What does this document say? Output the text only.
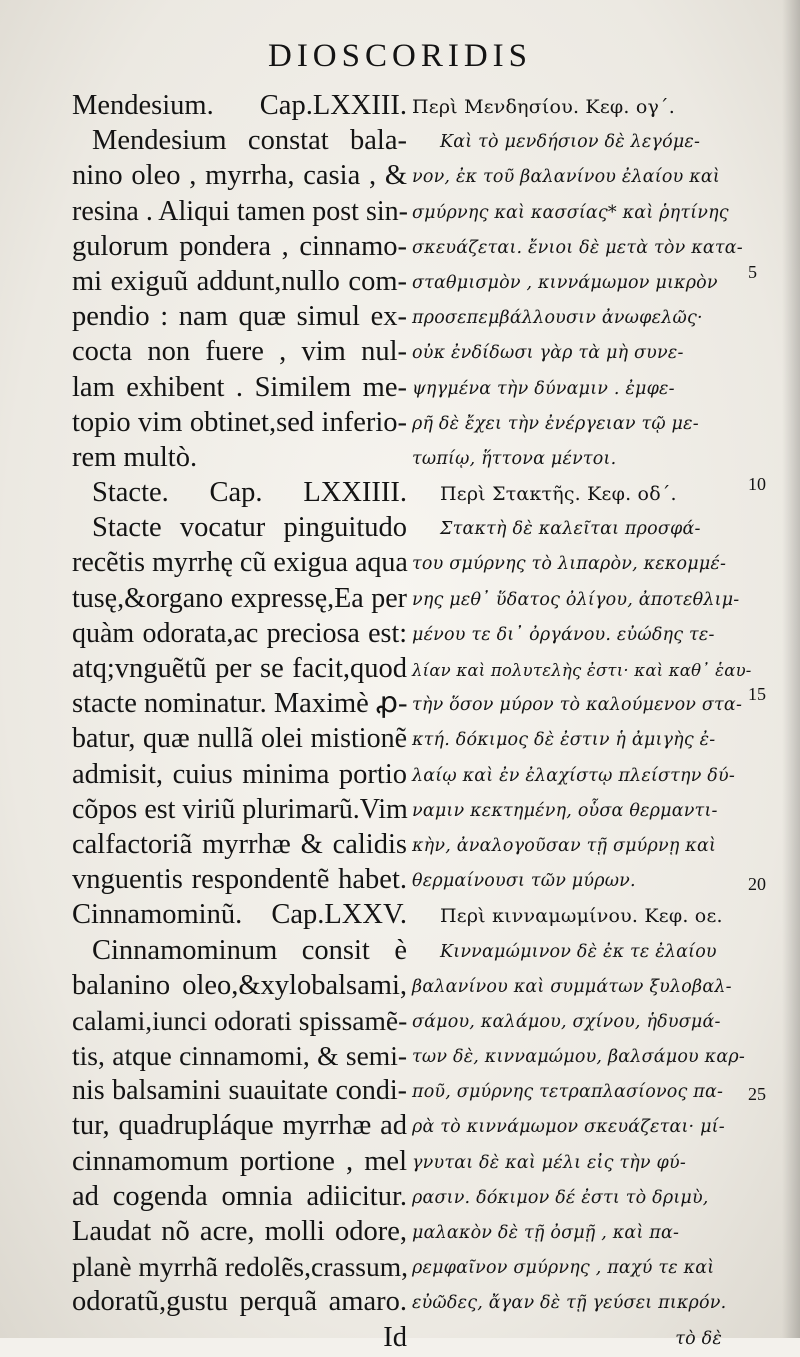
DIOSCORIDIS
Mendesium. Cap.LXXIII.
Mendesium constat bala-
nino oleo , myrrha, casia , &
resina . Aliqui tamen post sin-
gulorum pondera , cinnamo-
mi exiguũ addunt,nullo com-
pendio : nam quæ simul ex-
cocta non fuere , vim nul-
lam exhibent . Similem me-
topio vim obtinet,sed inferio-
rem multò.
Stacte. Cap. LXXIIII.
Stacte vocatur pinguitudo
recẽtis myrrhę cũ exigua aqua
tusę,&organo expressę,Ea per
quàm odorata,ac preciosa est:
atq;vnguẽtũ per se facit,quod
stacte nominatur. Maximè ꝓ-
batur, quæ nullã olei mistionẽ
admisit, cuius minima portio
cõpos est viriũ plurimarũ.Vim
calfactoriã myrrhæ & calidis
vnguentis respondentẽ habet.
Cinnamominũ. Cap.LXXV.
Cinnamominum consit è
balanino oleo,&xylobalsami,
calami,iunci odorati spissamẽ-
tis, atque cinnamomi, & semi-
nis balsamini suauitate condi-
tur, quadrupláque myrrhæ ad
cinnamomum portione , mel
ad cogenda omnia adiicitur.
Laudat nõ acre, molli odore,
planè myrrhã redolẽs,crassum,
odoratũ,gustu perquã amaro.
Id
Περὶ Μενδησίου. Κεφ. ογ΄.
Καὶ τὸ μενδήσιον δὲ λεγόμε-
νον, ἐκ τοῦ βαλανίνου ἐλαίου καὶ
σμύρνης καὶ κασσίας* καὶ ῥητίνης
σκευάζεται. ἔνιοι δὲ μετὰ τὸν κατα-
σταθμισμὸν , κιννάμωμον μικρὸν
προσεπεμβάλλουσιν ἀνωφελῶς·
οὐκ ἐνδίδωσι γὰρ τὰ μὴ συνε-
ψηγμένα τὴν δύναμιν . ἐμφε-
ρῆ δὲ ἔχει τὴν ἐνέργειαν τῷ με-
τωπίῳ, ἥττονα μέντοι.
Περὶ Στακτῆς. Κεφ. οδ΄.
Στακτὴ δὲ καλεῖται προσφά-
του σμύρνης τὸ λιπαρὸν, κεκομμέ-
νης μεθ᾽ ὕδατος ὀλίγου, ἀποτεθλιμ-
μένου τε δι᾽ ὀργάνου. εὐώδης τε-
λίαν καὶ πολυτελὴς ἐστι· καὶ καθ᾽ ἑαυ-
τὴν ὅσον μύρον τὸ καλούμενον στα-
κτή. δόκιμος δὲ ἐστιν ἡ ἀμιγὴς ἐ-
λαίῳ καὶ ἐν ἐλαχίστῳ πλείστην δύ-
ναμιν κεκτημένη, οὗσα θερμαντι-
κὴν, ἀναλογοῦσαν τῇ σμύρνῃ καὶ
θερμαίνουσι τῶν μύρων.
Περὶ κινναμωμίνου. Κεφ. οε.
Κινναμώμινον δὲ ἐκ τε ἐλαίου
βαλανίνου καὶ συμμάτων ξυλοβαλ-
σάμου, καλάμου, σχίνου, ἡδυσμά-
των δὲ, κινναμώμου, βαλσάμου καρ-
ποῦ, σμύρνης τετραπλασίονος πα-
ρὰ τὸ κιννάμωμον σκευάζεται· μί-
γνυται δὲ καὶ μέλι εἰς τὴν φύ-
ρασιν. δόκιμον δέ ἐστι τὸ δριμὺ,
μαλακὸν δὲ τῇ ὀσμῇ , καὶ πα-
ρεμφαῖνον σμύρνης , παχύ τε καὶ
εὐῶδες, ἄγαν δὲ τῇ γεύσει πικρόν.
τὸ δὲ
5
10
15
20
25
